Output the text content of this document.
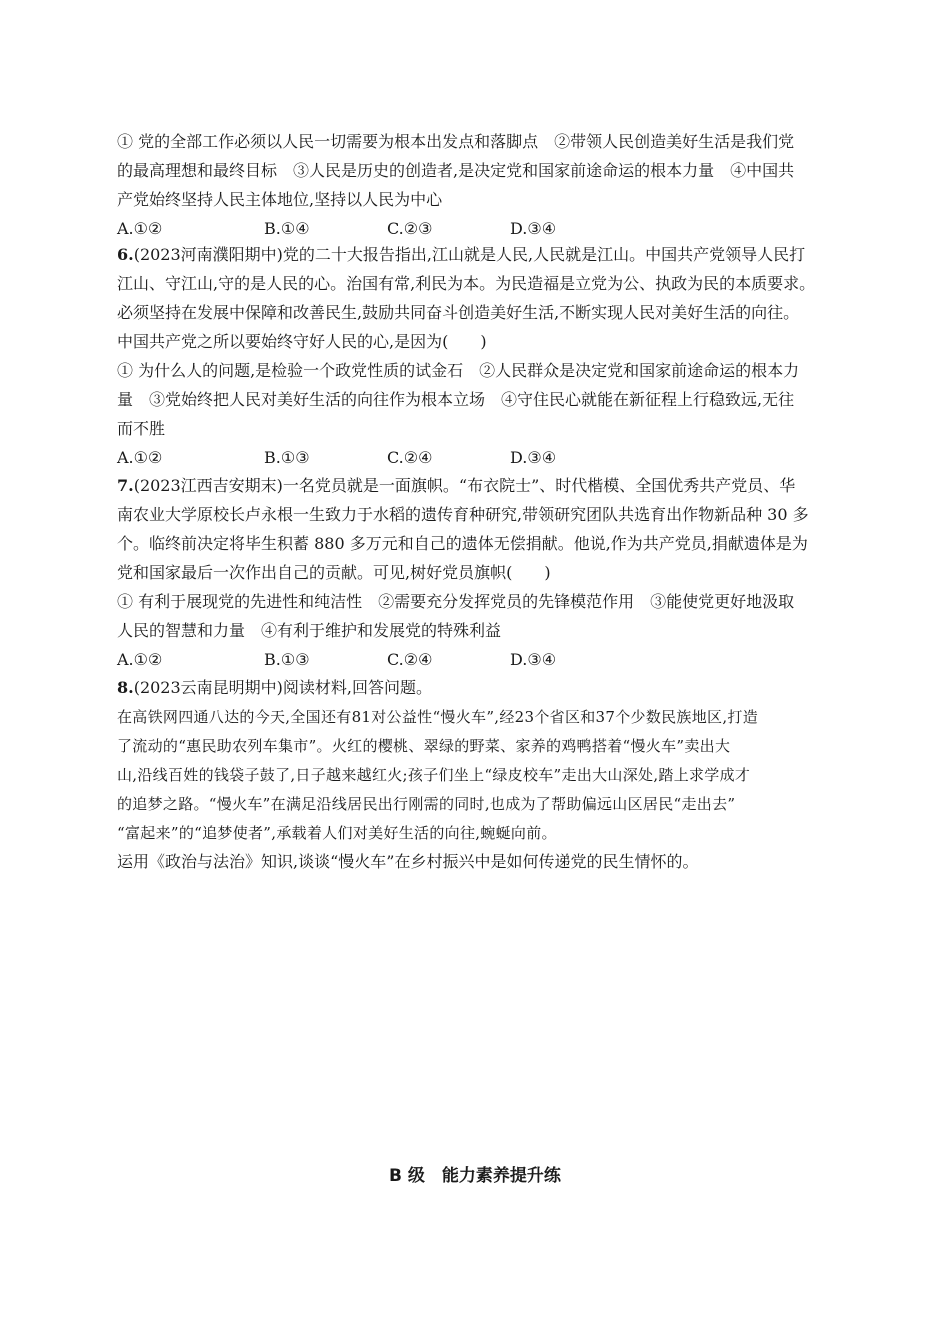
① 党的全部工作必须以人民一切需要为根本出发点和落脚点　②带领人民创造美好生活是我们党
的最高理想和最终目标　③人民是历史的创造者,是决定党和国家前途命运的根本力量　④中国共
产党始终坚持人民主体地位,坚持以人民为中心
A.①②	B.①④	C.②③	D.③④
6.(2023河南濮阳期中)党的二十大报告指出,江山就是人民,人民就是江山。中国共产党领导人民打
江山、守江山,守的是人民的心。治国有常,利民为本。为民造福是立党为公、执政为民的本质要求。
必须坚持在发展中保障和改善民生,鼓励共同奋斗创造美好生活,不断实现人民对美好生活的向往。
中国共产党之所以要始终守好人民的心,是因为(　　)
① 为什么人的问题,是检验一个政党性质的试金石　②人民群众是决定党和国家前途命运的根本力
量　③党始终把人民对美好生活的向往作为根本立场　④守住民心就能在新征程上行稳致远,无往
而不胜
A.①②	B.①③	C.②④	D.③④
7.(2023江西吉安期末)一名党员就是一面旗帜。“布衣院士”、时代楷模、全国优秀共产党员、华
南农业大学原校长卢永根一生致力于水稻的遗传育种研究,带领研究团队共选育出作物新品种 30 多
个。临终前决定将毕生积蓄 880 多万元和自己的遗体无偿捐献。他说,作为共产党员,捐献遗体是为
党和国家最后一次作出自己的贡献。可见,树好党员旗帜(　　)
① 有利于展现党的先进性和纯洁性　②需要充分发挥党员的先锋模范作用　③能使党更好地汲取
人民的智慧和力量　④有利于维护和发展党的特殊利益
A.①②	B.①③	C.②④	D.③④
8.(2023云南昆明期中)阅读材料,回答问题。
在高铁网四通八达的今天,全国还有81对公益性“慢火车”,经23个省区和37个少数民族地区,打造
了流动的“惠民助农列车集市”。火红的樱桃、翠绿的野菜、家养的鸡鸭搭着“慢火车”卖出大
山,沿线百姓的钱袋子鼓了,日子越来越红火;孩子们坐上“绿皮校车”走出大山深处,踏上求学成才
的追梦之路。“慢火车”在满足沿线居民出行刚需的同时,也成为了帮助偏远山区居民“走出去”
“富起来”的“追梦使者”,承载着人们对美好生活的向往,蜿蜒向前。
运用《政治与法治》知识,谈谈“慢火车”在乡村振兴中是如何传递党的民生情怀的。
B 级　能力素养提升练
